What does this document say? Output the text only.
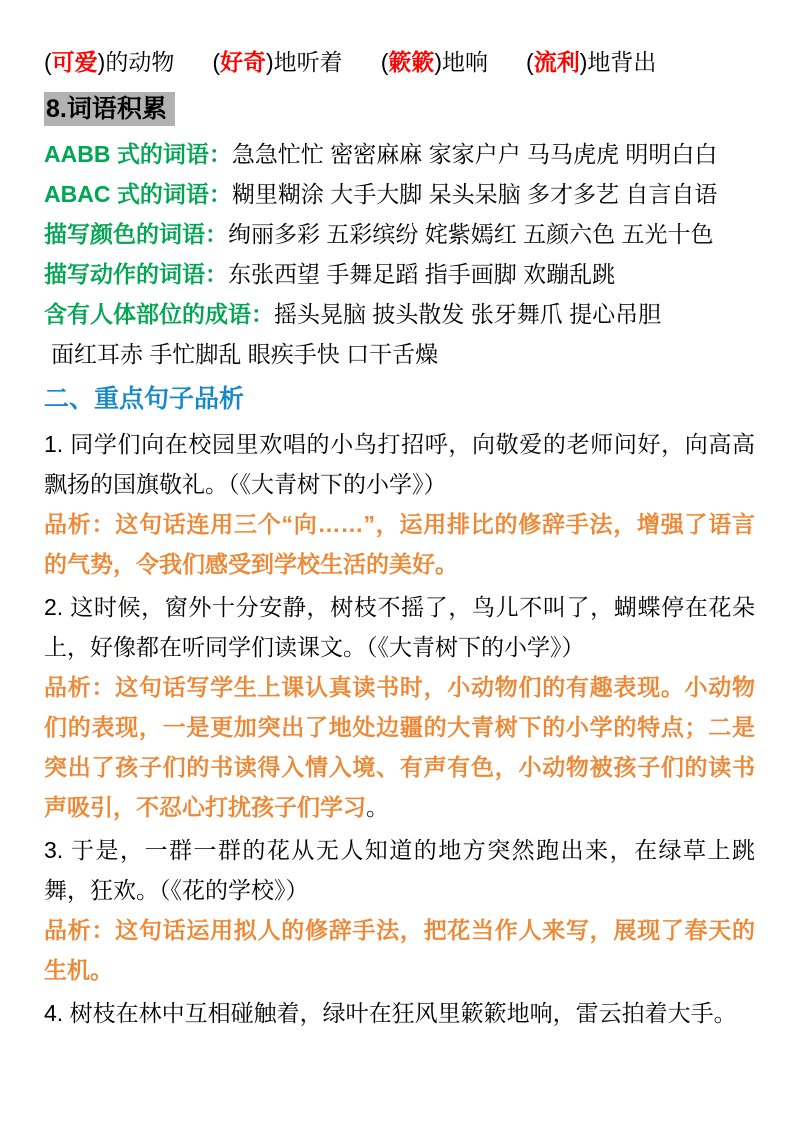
(可爱)的动物 (好奇)地听着 (簌簌)地响 (流利)地背出
8.词语积累

AABB 式的词语：急急忙忙 密密麻麻 家家户户 马马虎虎 明明白白

ABAC 式的词语：糊里糊涂 大手大脚 呆头呆脑 多才多艺 自言自语

描写颜色的词语：绚丽多彩 五彩缤纷 姹紫嫣红 五颜六色 五光十色

描写动作的词语：东张西望 手舞足蹈 指手画脚 欢蹦乱跳

含有人体部位的成语：摇头晃脑 披头散发 张牙舞爪 提心吊胆

面红耳赤 手忙脚乱 眼疾手快 口干舌燥

二、重点句子品析

1. 同学们向在校园里欢唱的小鸟打招呼，向敬爱的老师问好，向高高飘扬的国旗敬礼。（《大青树下的小学》）

品析：这句话连用三个“向……”，运用排比的修辞手法，增强了语言的气势，令我们感受到学校生活的美好。

2. 这时候，窗外十分安静，树枝不摇了，鸟儿不叫了，蝴蝶停在花朵上，好像都在听同学们读课文。（《大青树下的小学》）

品析：这句话写学生上课认真读书时，小动物们的有趣表现。小动物们的表现，一是更加突出了地处边疆的大青树下的小学的特点；二是突出了孩子们的书读得入情入境、有声有色，小动物被孩子们的读书声吸引，不忍心打扰孩子们学习。

3. 于是，一群一群的花从无人知道的地方突然跑出来，在绿草上跳舞，狂欢。（《花的学校》）

品析：这句话运用拟人的修辞手法，把花当作人来写，展现了春天的生机。

4. 树枝在林中互相碰触着，绿叶在狂风里簌簌地响，雷云拍着大手。
